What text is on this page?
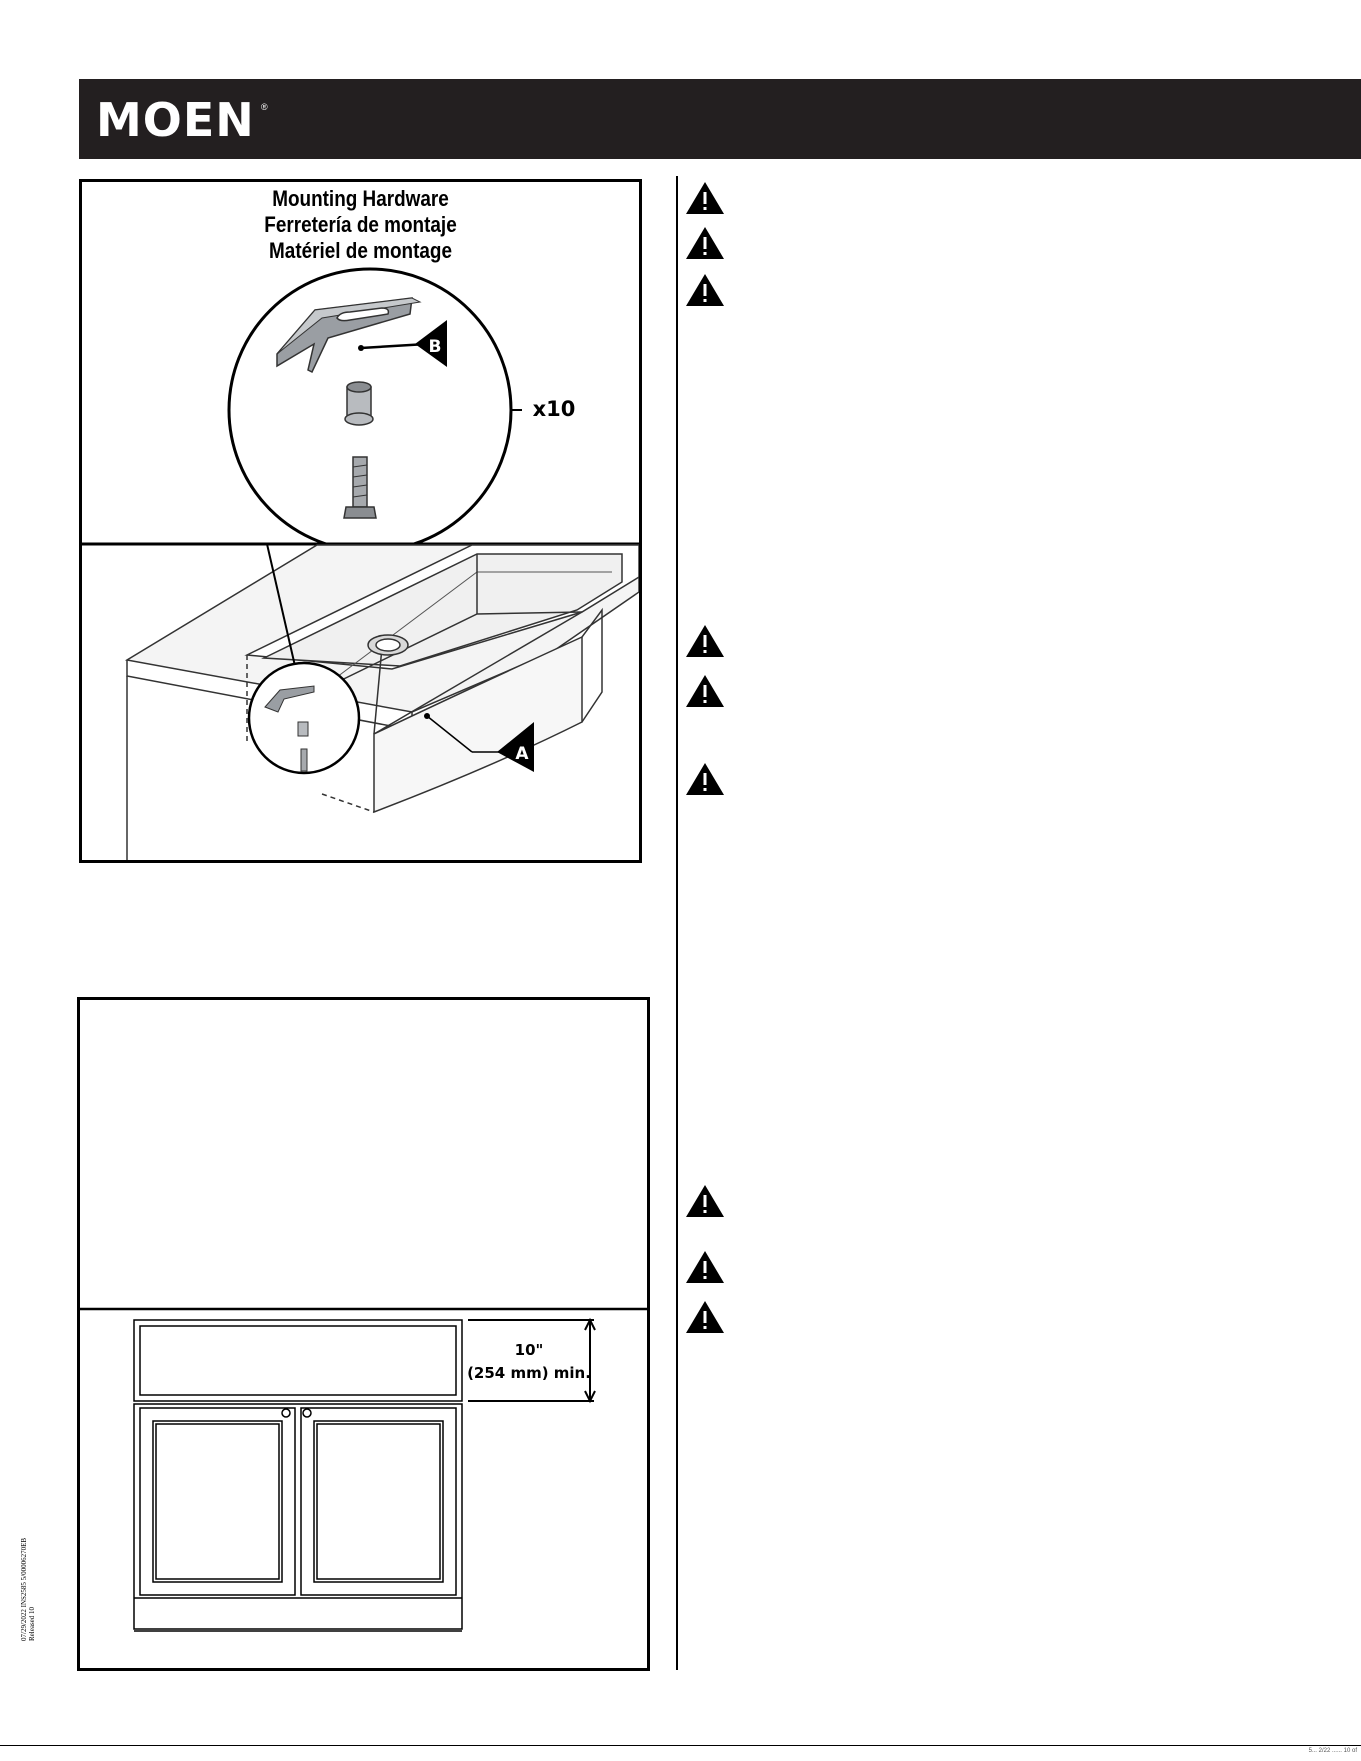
MOEN ®
Mounting Hardware
Ferretería de montaje
Matériel de montage
B
x10
A
10"
(254 mm) min.
07/29/2022 INS2585 5/00006270EB Released 10
5... 2/22 ...... 10 of
